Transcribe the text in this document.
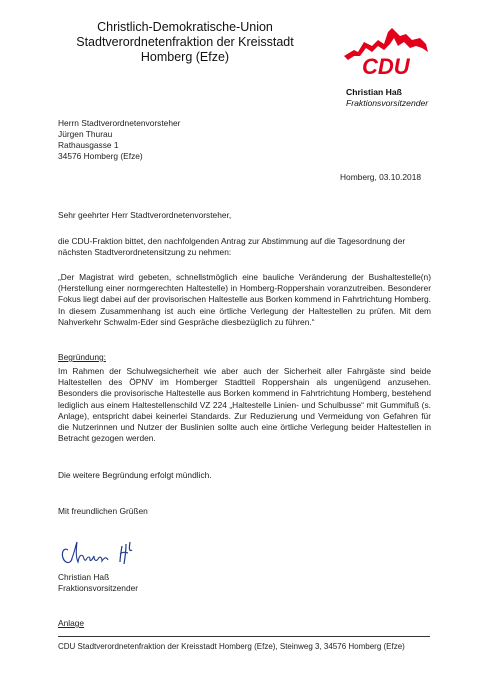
Christlich-Demokratische-Union
Stadtverordnetenfraktion der Kreisstadt
Homberg (Efze)	CDU
Christian Haß
Fraktionsvorsitzender
Herrn Stadtverordnetenvorsteher
Jürgen Thurau
Rathausgasse 1
34576 Homberg (Efze)
Homberg, 03.10.2018
Sehr geehrter Herr Stadtverordnetenvorsteher,
die CDU-Fraktion bittet, den nachfolgenden Antrag zur Abstimmung auf die Tagesordnung der nächsten Stadtverordnetensitzung zu nehmen:
„Der Magistrat wird gebeten, schnellstmöglich eine bauliche Veränderung der Bushaltestelle(n) (Herstellung einer normgerechten Haltestelle) in Homberg-Roppershain voranzutreiben. Besonderer Fokus liegt dabei auf der provisorischen Haltestelle aus Borken kommend in Fahrtrichtung Homberg. In diesem Zusammenhang ist auch eine örtliche Verlegung der Haltestellen zu prüfen. Mit dem Nahverkehr Schwalm-Eder sind Gespräche diesbezüglich zu führen.“
Begründung:
Im Rahmen der Schulwegsicherheit wie aber auch der Sicherheit aller Fahrgäste sind beide Haltestellen des ÖPNV im Homberger Stadtteil Roppershain als ungenügend anzusehen. Besonders die provisorische Haltestelle aus Borken kommend in Fahrtrichtung Homberg, bestehend lediglich aus einem Haltestellenschild VZ 224 „Haltestelle Linien- und Schulbusse“ mit Gummifuß (s. Anlage), entspricht dabei keinerlei Standards. Zur Reduzierung und Vermeidung von Gefahren für die Nutzerinnen und Nutzer der Buslinien sollte auch eine örtliche Verlegung beider Haltestellen in Betracht gezogen werden.
Die weitere Begründung erfolgt mündlich.
Mit freundlichen Grüßen
Christian Haß
Fraktionsvorsitzender
Anlage
CDU Stadtverordnetenfraktion der Kreisstadt Homberg (Efze), Steinweg 3, 34576 Homberg (Efze)
